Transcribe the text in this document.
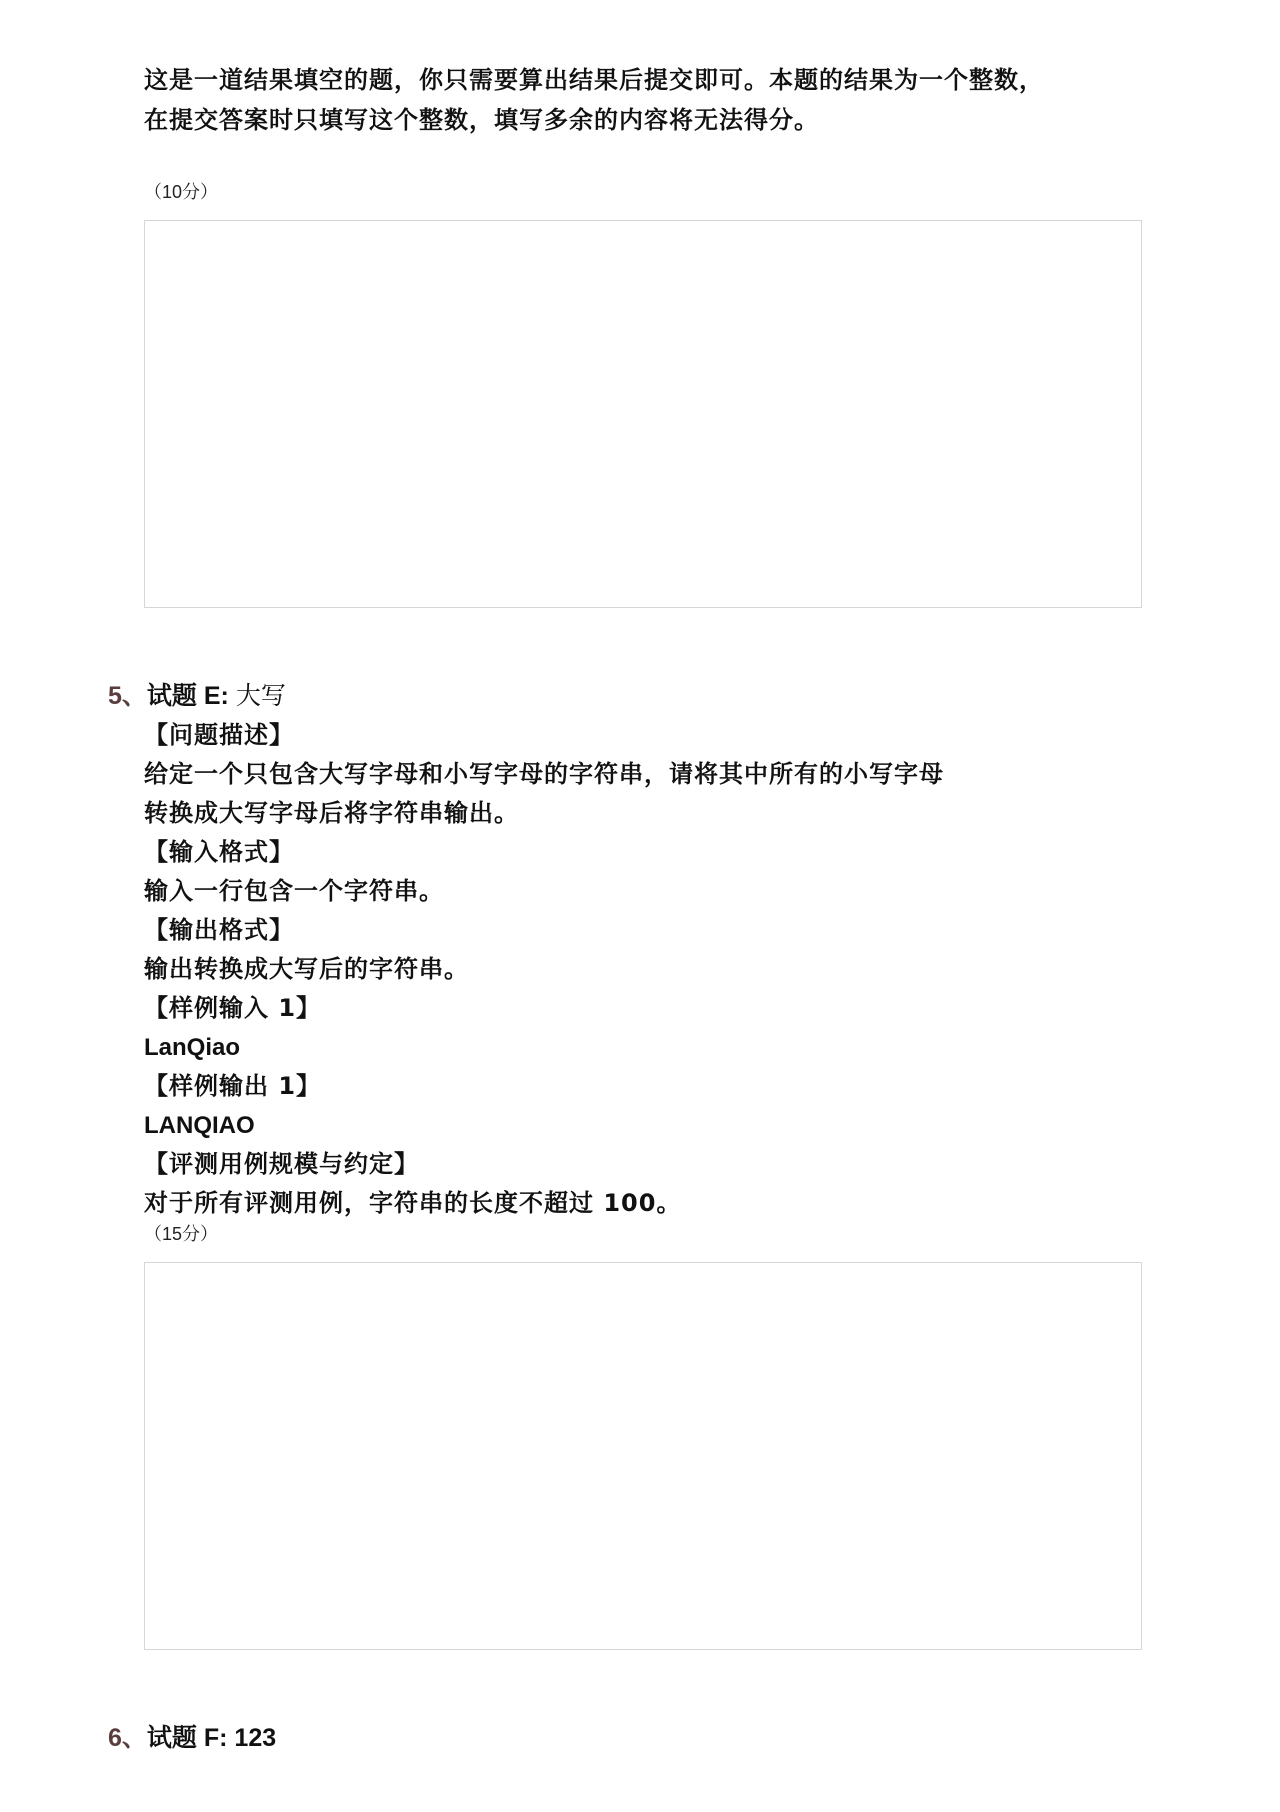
这是一道结果填空的题，你只需要算出结果后提交即可。本题的结果为一个整数，
在提交答案时只填写这个整数，填写多余的内容将无法得分。
（10分）
5、试题 E: 大写
【问题描述】
给定一个只包含大写字母和小写字母的字符串，请将其中所有的小写字母
转换成大写字母后将字符串输出。
【输入格式】
输入一行包含一个字符串。
【输出格式】
输出转换成大写后的字符串。
【样例输入 1】
LanQiao
【样例输出 1】
LANQIAO
【评测用例规模与约定】
对于所有评测用例，字符串的长度不超过 100。
（15分）
6、试题 F: 123
